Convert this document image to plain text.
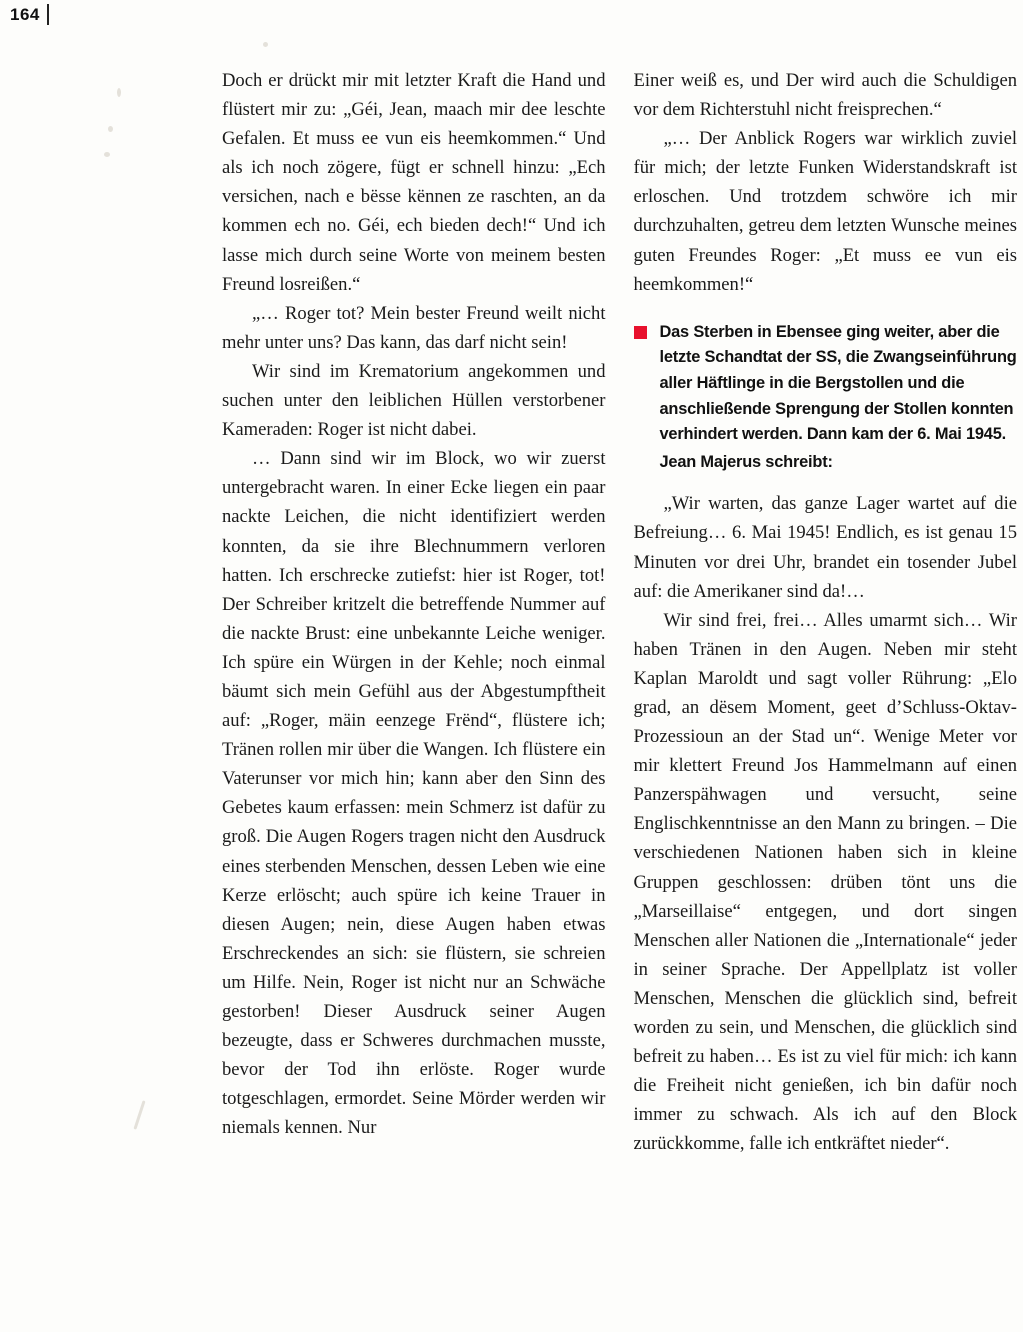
164

Doch er drückt mir mit letzter Kraft die Hand und flüstert mir zu: „Géi, Jean, maach mir dee leschte Gefalen. Et muss ee vun eis heemkommen.“ Und als ich noch zögere, fügt er schnell hinzu: „Ech versichen, nach e bësse kënnen ze raschten, an da kommen ech no. Géi, ech bieden dech!“ Und ich lasse mich durch seine Worte von meinem besten Freund losreißen.“

„… Roger tot? Mein bester Freund weilt nicht mehr unter uns? Das kann, das darf nicht sein!

Wir sind im Krematorium angekommen und suchen unter den leiblichen Hüllen verstorbener Kameraden: Roger ist nicht dabei.

… Dann sind wir im Block, wo wir zuerst untergebracht waren. In einer Ecke liegen ein paar nackte Leichen, die nicht identifiziert werden konnten, da sie ihre Blechnummern verloren hatten. Ich erschrecke zutiefst: hier ist Roger, tot! Der Schreiber kritzelt die betreffende Nummer auf die nackte Brust: eine unbekannte Leiche weniger. Ich spüre ein Würgen in der Kehle; noch einmal bäumt sich mein Gefühl aus der Abgestumpftheit auf: „Roger, mäin eenzege Frënd“, flüstere ich; Tränen rollen mir über die Wangen. Ich flüstere ein Vaterunser vor mich hin; kann aber den Sinn des Gebetes kaum erfassen: mein Schmerz ist dafür zu groß. Die Augen Rogers tragen nicht den Ausdruck eines sterbenden Menschen, dessen Leben wie eine Kerze erlöscht; auch spüre ich keine Trauer in diesen Augen; nein, diese Augen haben etwas Erschreckendes an sich: sie flüstern, sie schreien um Hilfe. Nein, Roger ist nicht nur an Schwäche gestorben! Dieser Ausdruck seiner Augen bezeugte, dass er Schweres durchmachen musste, bevor der Tod ihn erlöste. Roger wurde totgeschlagen, ermordet. Seine Mörder werden wir niemals kennen. Nur

Einer weiß es, und Der wird auch die Schuldigen vor dem Richterstuhl nicht freisprechen.“

„… Der Anblick Rogers war wirklich zuviel für mich; der letzte Funken Widerstandskraft ist erloschen. Und trotzdem schwöre ich mir durchzuhalten, getreu dem letzten Wunsche meines guten Freundes Roger: „Et muss ee vun eis heemkommen!“

Das Sterben in Ebensee ging weiter, aber die letzte Schandtat der SS, die Zwangseinführung aller Häftlinge in die Bergstollen und die anschließende Sprengung der Stollen konnten verhindert werden. Dann kam der 6. Mai 1945.
Jean Majerus schreibt:

„Wir warten, das ganze Lager wartet auf die Befreiung… 6. Mai 1945! Endlich, es ist genau 15 Minuten vor drei Uhr, brandet ein tosender Jubel auf: die Amerikaner sind da!…

Wir sind frei, frei… Alles umarmt sich… Wir haben Tränen in den Augen. Neben mir steht Kaplan Maroldt und sagt voller Rührung: „Elo grad, an dësem Moment, geet d’Schluss-Oktav-Prozessioun an der Stad un“. Wenige Meter vor mir klettert Freund Jos Hammelmann auf einen Panzerspähwagen und versucht, seine Englischkenntnisse an den Mann zu bringen. – Die verschiedenen Nationen haben sich in kleine Gruppen geschlossen: drüben tönt uns die „Marseillaise“ entgegen, und dort singen Menschen aller Nationen die „Internationale“ jeder in seiner Sprache. Der Appellplatz ist voller Menschen, Menschen die glücklich sind, befreit worden zu sein, und Menschen, die glücklich sind befreit zu haben… Es ist zu viel für mich: ich kann die Freiheit nicht genießen, ich bin dafür noch immer zu schwach. Als ich auf den Block zurückkomme, falle ich entkräftet nieder“.
